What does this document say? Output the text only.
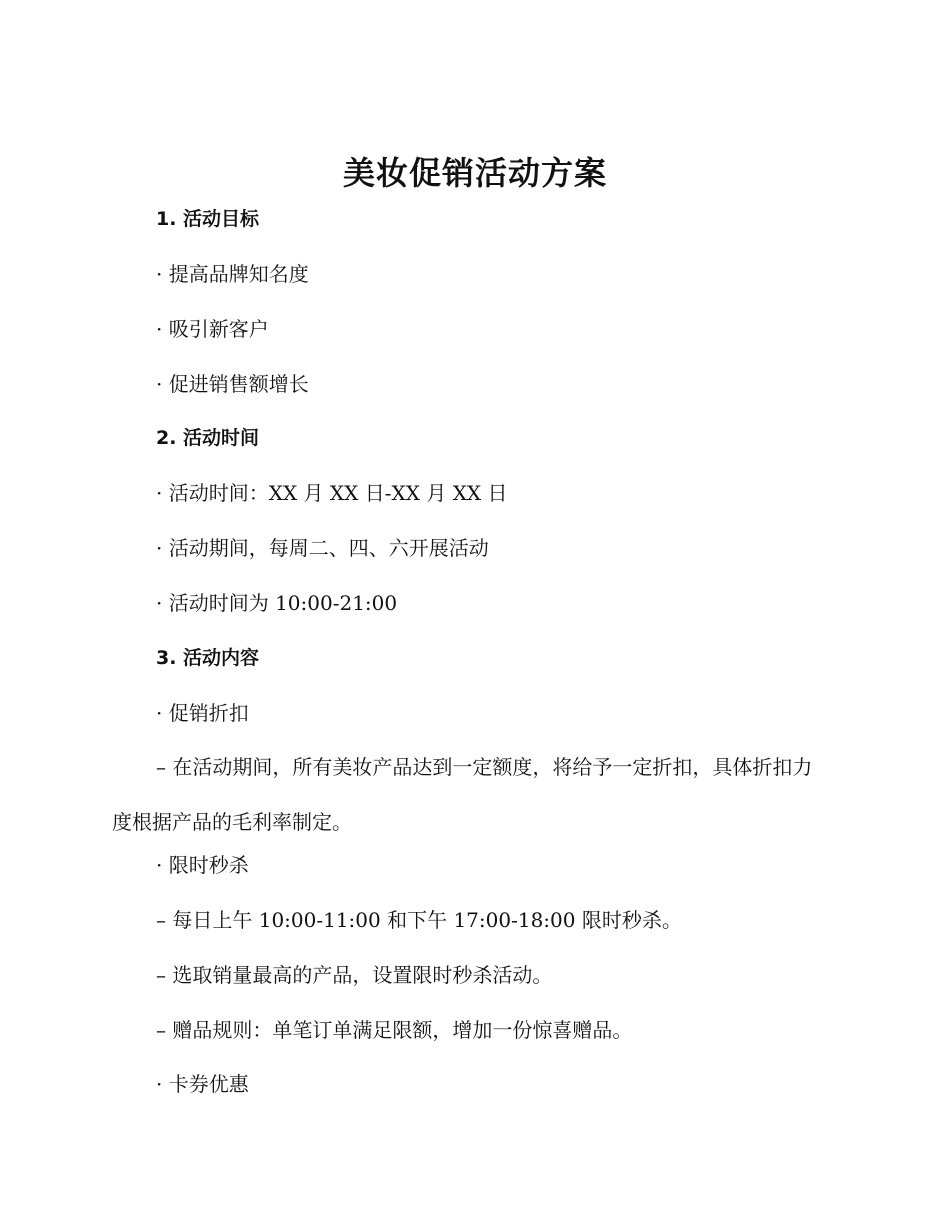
美妆促销活动方案
1. 活动目标
· 提高品牌知名度
· 吸引新客户
· 促进销售额增长
2. 活动时间
· 活动时间：XX 月 XX 日-XX 月 XX 日
· 活动期间，每周二、四、六开展活动
· 活动时间为 10:00-21:00
3. 活动内容
· 促销折扣

– 在活动期间，所有美妆产品达到一定额度，将给予一定折扣，具体折扣力度根据产品的毛利率制定。

· 限时秒杀
– 每日上午 10:00-11:00 和下午 17:00-18:00 限时秒杀。
– 选取销量最高的产品，设置限时秒杀活动。
– 赠品规则：单笔订单满足限额，增加一份惊喜赠品。
· 卡券优惠
